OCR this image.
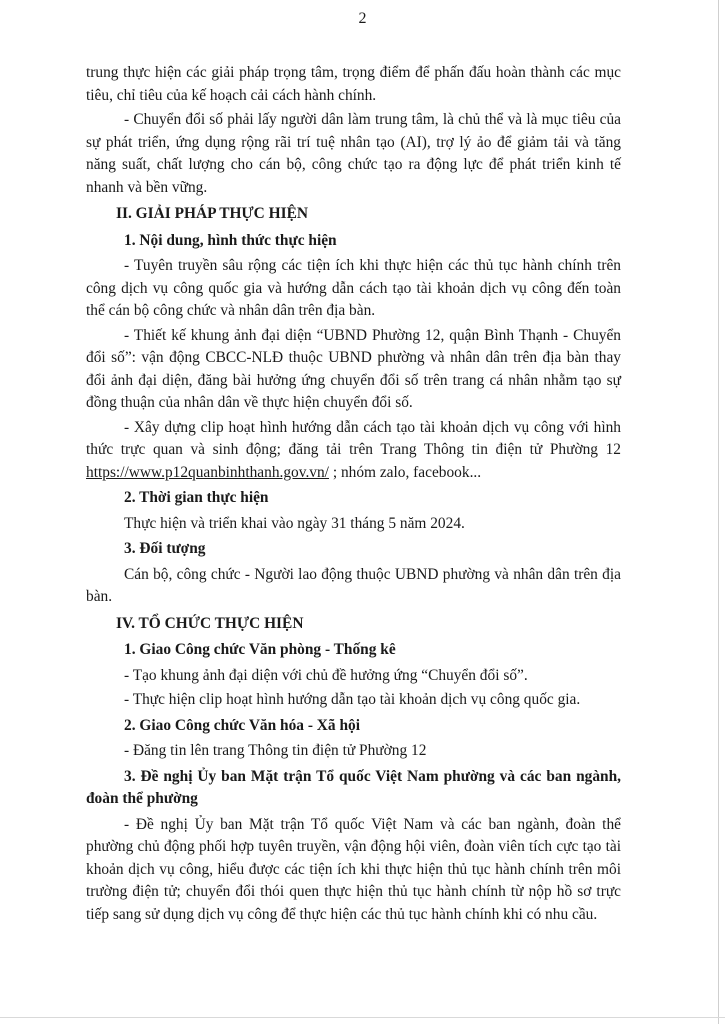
2

trung thực hiện các giải pháp trọng tâm, trọng điểm để phấn đấu hoàn thành các mục tiêu, chỉ tiêu của kế hoạch cải cách hành chính.

- Chuyển đổi số phải lấy người dân làm trung tâm, là chủ thể và là mục tiêu của sự phát triển, ứng dụng rộng rãi trí tuệ nhân tạo (AI), trợ lý ảo để giảm tải và tăng năng suất, chất lượng cho cán bộ, công chức tạo ra động lực để phát triển kinh tế nhanh và bền vững.

II. GIẢI PHÁP THỰC HIỆN

1. Nội dung, hình thức thực hiện

- Tuyên truyền sâu rộng các tiện ích khi thực hiện các thủ tục hành chính trên công dịch vụ công quốc gia và hướng dẫn cách tạo tài khoản dịch vụ công đến toàn thể cán bộ công chức và nhân dân trên địa bàn.

- Thiết kế khung ảnh đại diện “UBND Phường 12, quận Bình Thạnh - Chuyển đổi số”: vận động CBCC-NLĐ thuộc UBND phường và nhân dân trên địa bàn thay đổi ảnh đại diện, đăng bài hưởng ứng chuyển đổi số trên trang cá nhân nhằm tạo sự đồng thuận của nhân dân về thực hiện chuyển đổi số.

- Xây dựng clip hoạt hình hướng dẫn cách tạo tài khoản dịch vụ công với hình thức trực quan và sinh động; đăng tải trên Trang Thông tin điện tử Phường 12 https://www.p12quanbinhthanh.gov.vn/ ; nhóm zalo, facebook...

2. Thời gian thực hiện

Thực hiện và triển khai vào ngày 31 tháng 5 năm 2024.

3. Đối tượng

Cán bộ, công chức - Người lao động thuộc UBND phường và nhân dân trên địa bàn.

IV. TỔ CHỨC THỰC HIỆN

1. Giao Công chức Văn phòng - Thống kê

- Tạo khung ảnh đại diện với chủ đề hưởng ứng “Chuyển đổi số”.

- Thực hiện clip hoạt hình hướng dẫn tạo tài khoản dịch vụ công quốc gia.

2. Giao Công chức Văn hóa - Xã hội

- Đăng tin lên trang Thông tin điện tử Phường 12

3. Đề nghị Ủy ban Mặt trận Tổ quốc Việt Nam phường và các ban ngành, đoàn thể phường

- Đề nghị Ủy ban Mặt trận Tổ quốc Việt Nam và các ban ngành, đoàn thể phường chủ động phối hợp tuyên truyền, vận động hội viên, đoàn viên tích cực tạo tài khoản dịch vụ công, hiểu được các tiện ích khi thực hiện thủ tục hành chính trên môi trường điện tử; chuyển đổi thói quen thực hiện thủ tục hành chính từ nộp hồ sơ trực tiếp sang sử dụng dịch vụ công để thực hiện các thủ tục hành chính khi có nhu cầu.
